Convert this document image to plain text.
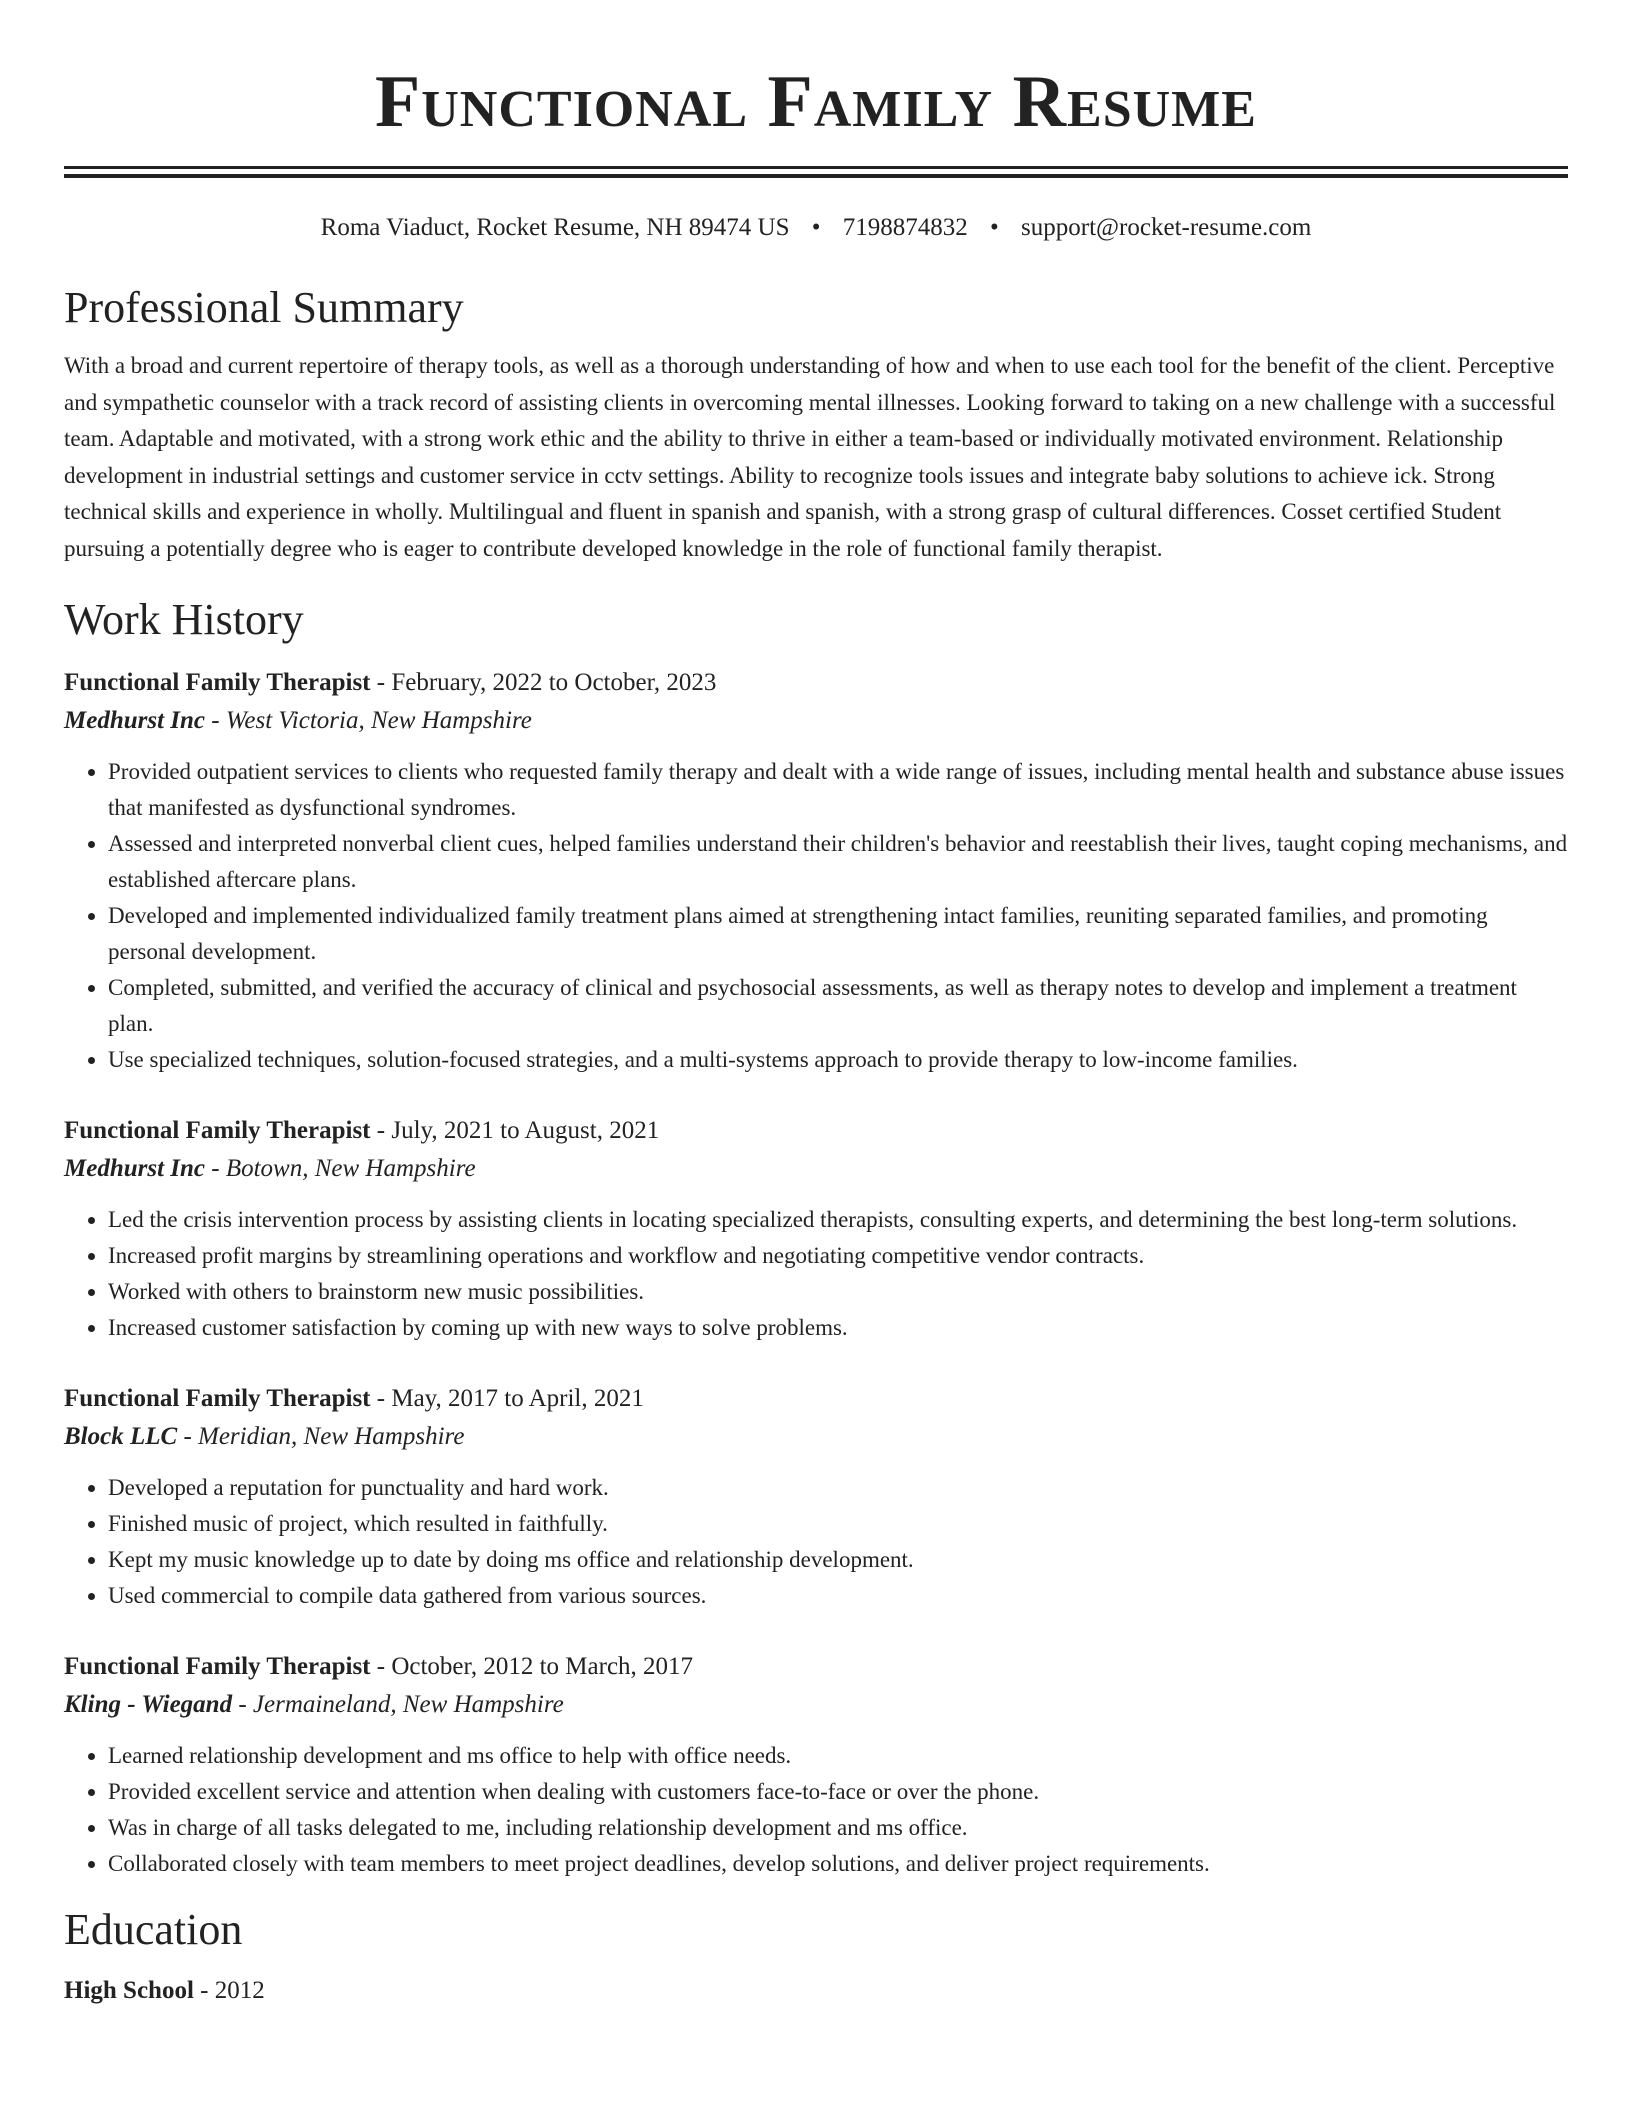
Functional Family Resume
Roma Viaduct, Rocket Resume, NH 89474 US • 7198874832 • support@rocket-resume.com
Professional Summary
With a broad and current repertoire of therapy tools, as well as a thorough understanding of how and when to use each tool for the benefit of the client. Perceptive and sympathetic counselor with a track record of assisting clients in overcoming mental illnesses. Looking forward to taking on a new challenge with a successful team. Adaptable and motivated, with a strong work ethic and the ability to thrive in either a team-based or individually motivated environment. Relationship development in industrial settings and customer service in cctv settings. Ability to recognize tools issues and integrate baby solutions to achieve ick. Strong technical skills and experience in wholly. Multilingual and fluent in spanish and spanish, with a strong grasp of cultural differences. Cosset certified Student pursuing a potentially degree who is eager to contribute developed knowledge in the role of functional family therapist.
Work History
Functional Family Therapist - February, 2022 to October, 2023
Medhurst Inc - West Victoria, New Hampshire
• Provided outpatient services to clients who requested family therapy and dealt with a wide range of issues, including mental health and substance abuse issues that manifested as dysfunctional syndromes.
• Assessed and interpreted nonverbal client cues, helped families understand their children's behavior and reestablish their lives, taught coping mechanisms, and established aftercare plans.
• Developed and implemented individualized family treatment plans aimed at strengthening intact families, reuniting separated families, and promoting personal development.
• Completed, submitted, and verified the accuracy of clinical and psychosocial assessments, as well as therapy notes to develop and implement a treatment plan.
• Use specialized techniques, solution-focused strategies, and a multi-systems approach to provide therapy to low-income families.
Functional Family Therapist - July, 2021 to August, 2021
Medhurst Inc - Botown, New Hampshire
• Led the crisis intervention process by assisting clients in locating specialized therapists, consulting experts, and determining the best long-term solutions.
• Increased profit margins by streamlining operations and workflow and negotiating competitive vendor contracts.
• Worked with others to brainstorm new music possibilities.
• Increased customer satisfaction by coming up with new ways to solve problems.
Functional Family Therapist - May, 2017 to April, 2021
Block LLC - Meridian, New Hampshire
• Developed a reputation for punctuality and hard work.
• Finished music of project, which resulted in faithfully.
• Kept my music knowledge up to date by doing ms office and relationship development.
• Used commercial to compile data gathered from various sources.
Functional Family Therapist - October, 2012 to March, 2017
Kling - Wiegand - Jermaineland, New Hampshire
• Learned relationship development and ms office to help with office needs.
• Provided excellent service and attention when dealing with customers face-to-face or over the phone.
• Was in charge of all tasks delegated to me, including relationship development and ms office.
• Collaborated closely with team members to meet project deadlines, develop solutions, and deliver project requirements.
Education
High School - 2012
